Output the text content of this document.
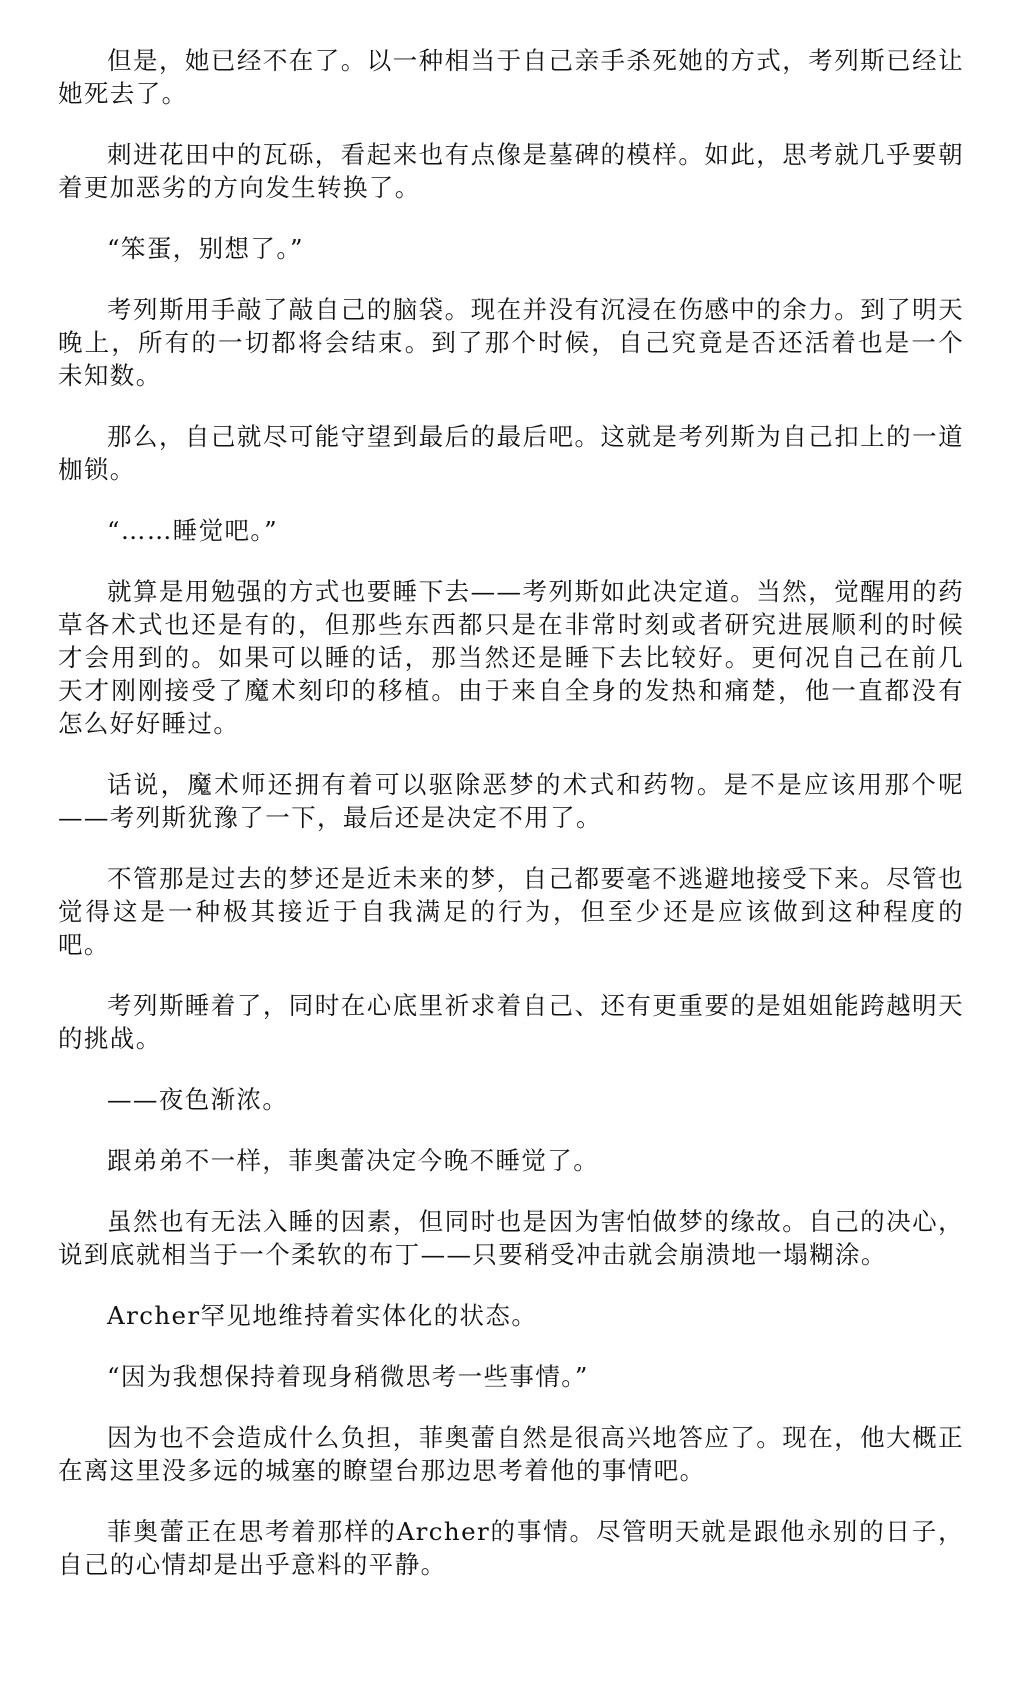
但是，她已经不在了。以一种相当于自己亲手杀死她的方式，考列斯已经让她死去了。

刺进花田中的瓦砾，看起来也有点像是墓碑的模样。如此，思考就几乎要朝着更加恶劣的方向发生转换了。

“笨蛋，别想了。”

考列斯用手敲了敲自己的脑袋。现在并没有沉浸在伤感中的余力。到了明天晚上，所有的一切都将会结束。到了那个时候，自己究竟是否还活着也是一个未知数。

那么，自己就尽可能守望到最后的最后吧。这就是考列斯为自己扣上的一道枷锁。

“……睡觉吧。”

就算是用勉强的方式也要睡下去——考列斯如此决定道。当然，觉醒用的药草各术式也还是有的，但那些东西都只是在非常时刻或者研究进展顺利的时候才会用到的。如果可以睡的话，那当然还是睡下去比较好。更何况自己在前几天才刚刚接受了魔术刻印的移植。由于来自全身的发热和痛楚，他一直都没有怎么好好睡过。

话说，魔术师还拥有着可以驱除恶梦的术式和药物。是不是应该用那个呢——考列斯犹豫了一下，最后还是决定不用了。

不管那是过去的梦还是近未来的梦，自己都要毫不逃避地接受下来。尽管也觉得这是一种极其接近于自我满足的行为，但至少还是应该做到这种程度的吧。

考列斯睡着了，同时在心底里祈求着自己、还有更重要的是姐姐能跨越明天的挑战。

——夜色渐浓。

跟弟弟不一样，菲奥蕾决定今晚不睡觉了。

虽然也有无法入睡的因素，但同时也是因为害怕做梦的缘故。自己的决心，说到底就相当于一个柔软的布丁——只要稍受冲击就会崩溃地一塌糊涂。

Archer罕见地维持着实体化的状态。

“因为我想保持着现身稍微思考一些事情。”

因为也不会造成什么负担，菲奥蕾自然是很高兴地答应了。现在，他大概正在离这里没多远的城塞的瞭望台那边思考着他的事情吧。

菲奥蕾正在思考着那样的Archer的事情。尽管明天就是跟他永别的日子，自己的心情却是出乎意料的平静。
